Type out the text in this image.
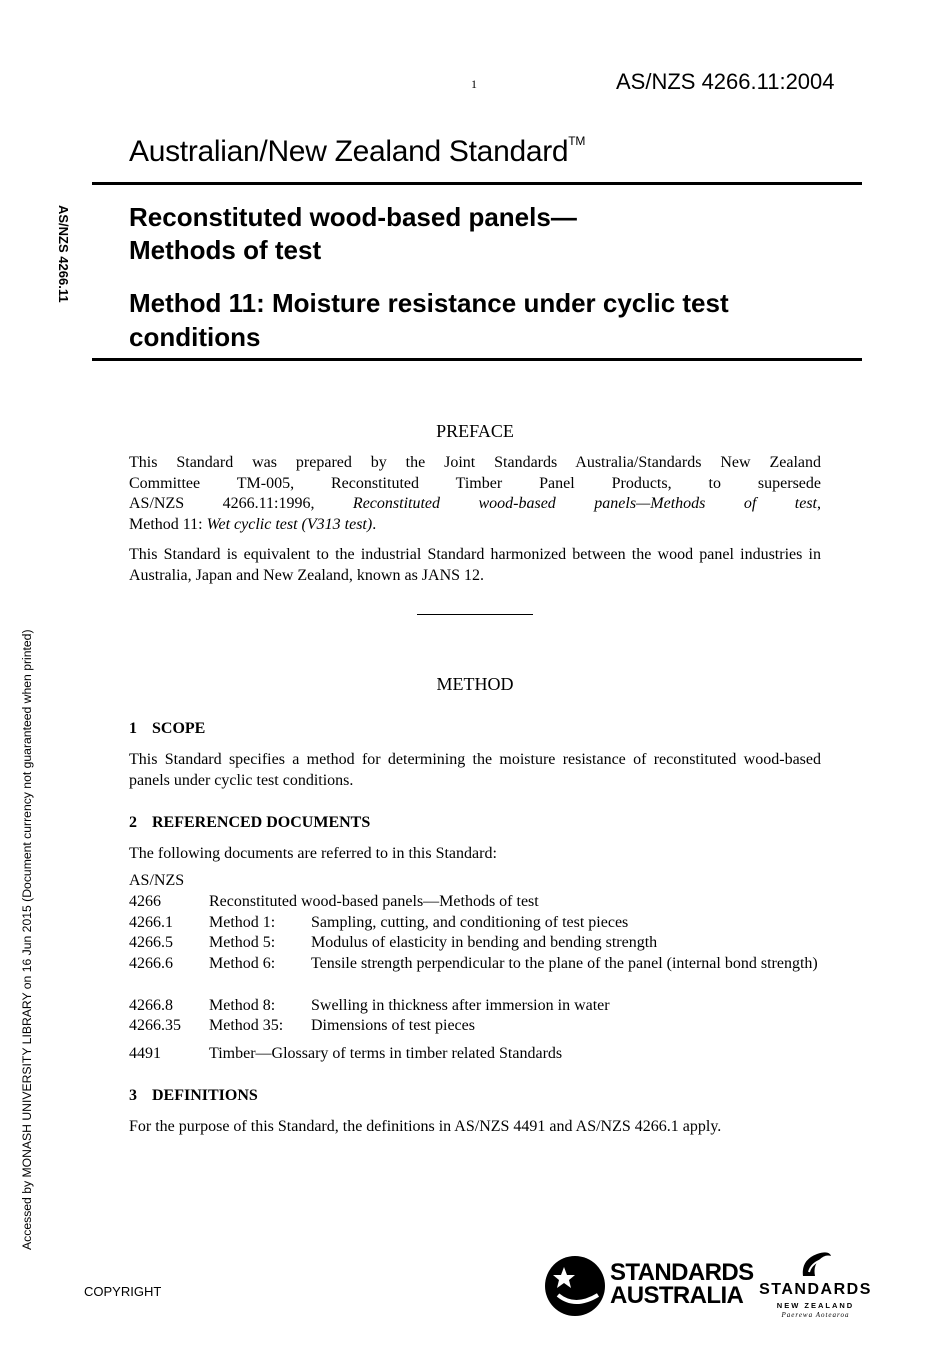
1	AS/NZS 4266.11:2004
Australian/New Zealand Standard™
Reconstituted wood-based panels—
Methods of test
Method 11: Moisture resistance under cyclic test conditions
AS/NZS 4266.11
Accessed by MONASH UNIVERSITY LIBRARY on 16 Jun 2015 (Document currency not guaranteed when printed)
PREFACE
This Standard was prepared by the Joint Standards Australia/Standards New Zealand
Committee TM-005, Reconstituted Timber Panel Products, to supersede
AS/NZS 4266.11:1996, Reconstituted wood-based panels—Methods of test,
Method 11: Wet cyclic test (V313 test).
This Standard is equivalent to the industrial Standard harmonized between the wood panel industries in Australia, Japan and New Zealand, known as JANS 12.
METHOD
1 SCOPE
This Standard specifies a method for determining the moisture resistance of reconstituted wood-based panels under cyclic test conditions.
2 REFERENCED DOCUMENTS
The following documents are referred to in this Standard:
AS/NZS
4266	Reconstituted wood-based panels—Methods of test
4266.1 Method 1: Sampling, cutting, and conditioning of test pieces
4266.5 Method 5: Modulus of elasticity in bending and bending strength
4266.6 Method 6: Tensile strength perpendicular to the plane of the panel (internal bond strength)
4266.8 Method 8: Swelling in thickness after immersion in water
4266.35 Method 35: Dimensions of test pieces
4491	Timber—Glossary of terms in timber related Standards
3 DEFINITIONS
For the purpose of this Standard, the definitions in AS/NZS 4491 and AS/NZS 4266.1 apply.
COPYRIGHT
STANDARDS
AUSTRALIA STANDARDS
NEW ZEALAND
Paerewa Aotearoa
